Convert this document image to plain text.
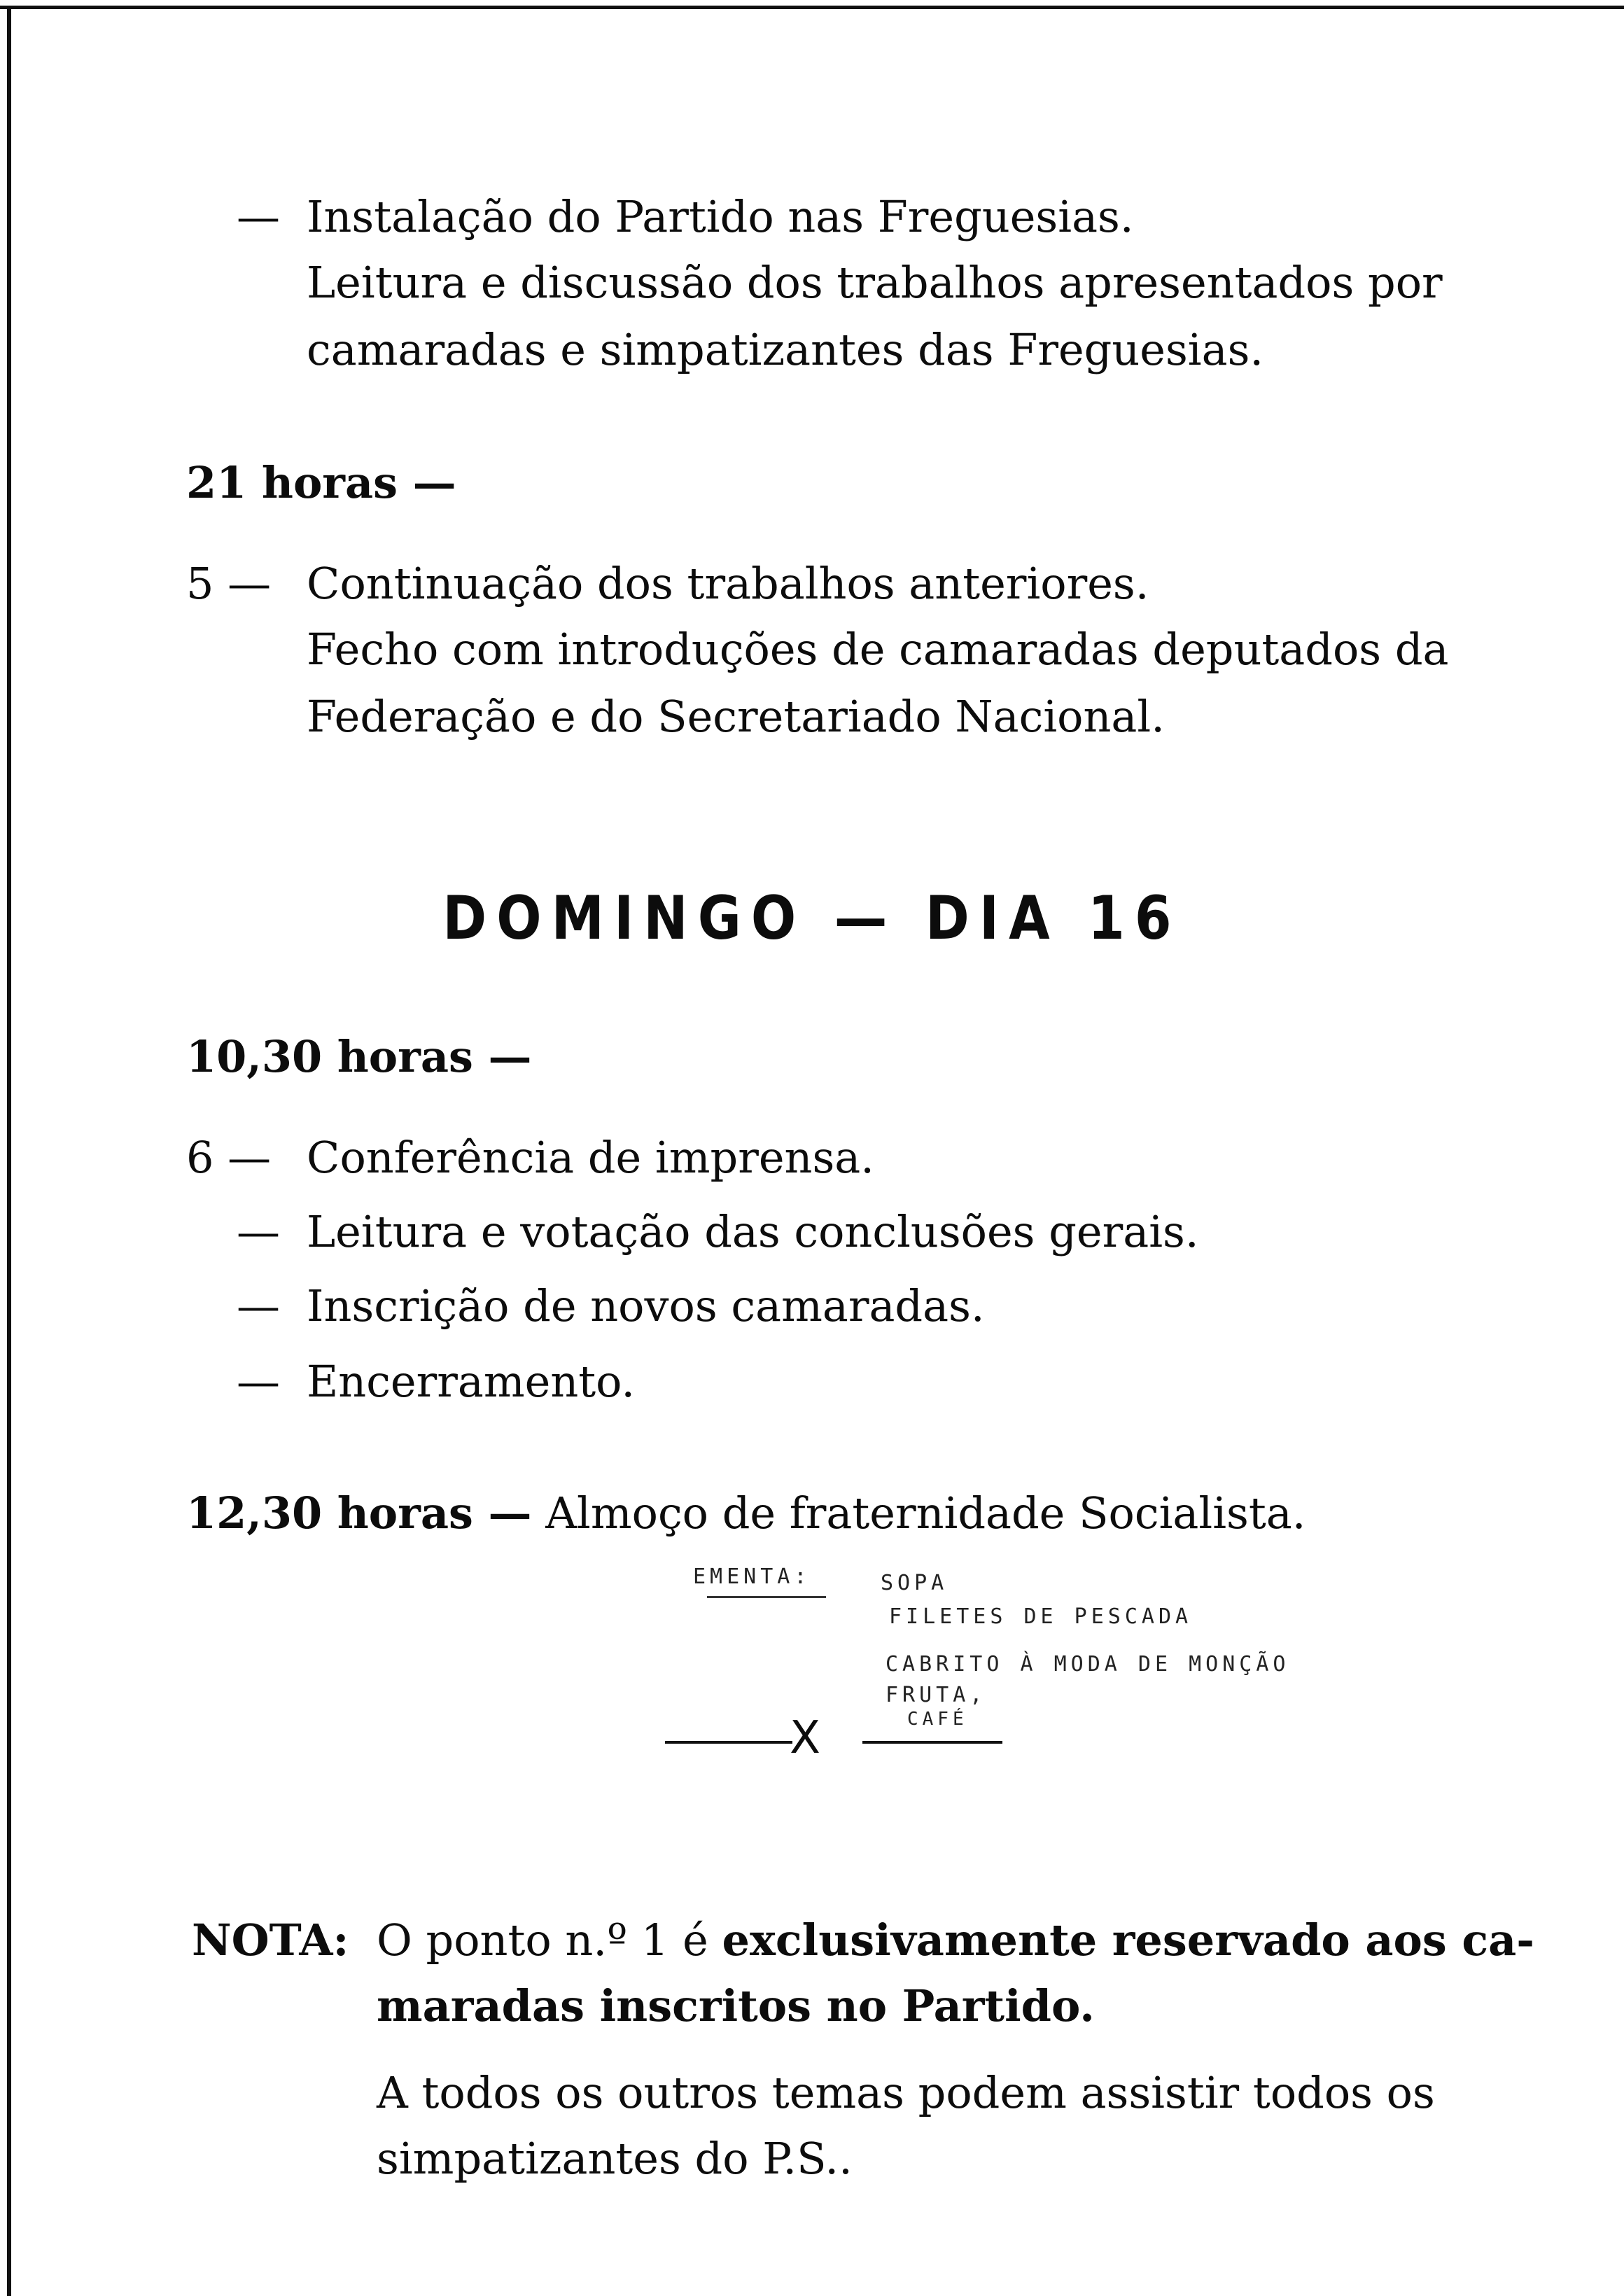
— Instalação do Partido nas Freguesias.
Leitura e discussão dos trabalhos apresentados por
camaradas e simpatizantes das Freguesias.
21 horas —
5 — Continuação dos trabalhos anteriores.
Fecho com introduções de camaradas deputados da
Federação e do Secretariado Nacional.
DOMINGO — DIA 16
10,30 horas —
6 — Conferência de imprensa.
— Leitura e votação das conclusões gerais.
— Inscrição de novos camaradas.
— Encerramento.
12,30 horas — Almoço de fraternidade Socialista.
EMENTA:	SOPA
FILETES DE PESCADA
CABRITO À MODA DE MONÇÃO
FRUTA,
CAFÉ
X
NOTA: O ponto n.º 1 é exclusivamente reservado aos ca-
maradas inscritos no Partido.
A todos os outros temas podem assistir todos os
simpatizantes do P.S..
